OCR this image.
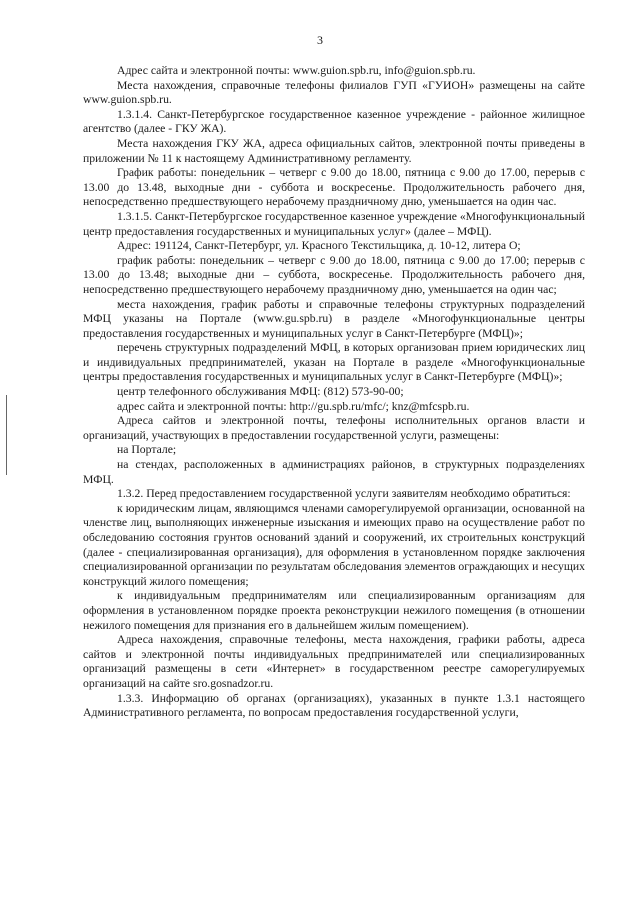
3

Адрес сайта и электронной почты: www.guion.spb.ru, info@guion.spb.ru.

Места нахождения, справочные телефоны филиалов ГУП «ГУИОН» размещены на сайте www.guion.spb.ru.

1.3.1.4. Санкт-Петербургское государственное казенное учреждение - районное жилищное агентство (далее - ГКУ ЖА).

Места нахождения ГКУ ЖА, адреса официальных сайтов, электронной почты приведены в приложении № 11 к настоящему Административному регламенту.

График работы: понедельник – четверг с 9.00 до 18.00, пятница с 9.00 до 17.00, перерыв с 13.00 до 13.48, выходные дни - суббота и воскресенье. Продолжительность рабочего дня, непосредственно предшествующего нерабочему праздничному дню, уменьшается на один час.

1.3.1.5. Санкт-Петербургское государственное казенное учреждение «Многофункциональный центр предоставления государственных и муниципальных услуг» (далее – МФЦ).

Адрес: 191124, Санкт-Петербург, ул. Красного Текстильщика, д. 10-12, литера О;

график работы: понедельник – четверг с 9.00 до 18.00, пятница с 9.00 до 17.00; перерыв с 13.00 до 13.48; выходные дни – суббота, воскресенье. Продолжительность рабочего дня, непосредственно предшествующего нерабочему праздничному дню, уменьшается на один час;

места нахождения, график работы и справочные телефоны структурных подразделений МФЦ указаны на Портале (www.gu.spb.ru) в разделе «Многофункциональные центры предоставления государственных и муниципальных услуг в Санкт-Петербурге (МФЦ)»;

перечень структурных подразделений МФЦ, в которых организован прием юридических лиц и индивидуальных предпринимателей, указан на Портале в разделе «Многофункциональные центры предоставления государственных и муниципальных услуг в Санкт-Петербурге (МФЦ)»;

центр телефонного обслуживания МФЦ: (812) 573-90-00;

адрес сайта и электронной почты: http://gu.spb.ru/mfc/; knz@mfcspb.ru.

Адреса сайтов и электронной почты, телефоны исполнительных органов власти и организаций, участвующих в предоставлении государственной услуги, размещены:

на Портале;

на стендах, расположенных в администрациях районов, в структурных подразделениях МФЦ.

1.3.2. Перед предоставлением государственной услуги заявителям необходимо обратиться:

к юридическим лицам, являющимся членами саморегулируемой организации, основанной на членстве лиц, выполняющих инженерные изыскания и имеющих право на осуществление работ по обследованию состояния грунтов оснований зданий и сооружений, их строительных конструкций (далее - специализированная организация), для оформления в установленном порядке заключения специализированной организации по результатам обследования элементов ограждающих и несущих конструкций жилого помещения;

к индивидуальным предпринимателям или специализированным организациям для оформления в установленном порядке проекта реконструкции нежилого помещения (в отношении нежилого помещения для признания его в дальнейшем жилым помещением).

Адреса нахождения, справочные телефоны, места нахождения, графики работы, адреса сайтов и электронной почты индивидуальных предпринимателей или специализированных организаций размещены в сети «Интернет» в государственном реестре саморегулируемых организаций на сайте sro.gosnadzor.ru.

1.3.3. Информацию об органах (организациях), указанных в пункте 1.3.1 настоящего Административного регламента, по вопросам предоставления государственной услуги,
